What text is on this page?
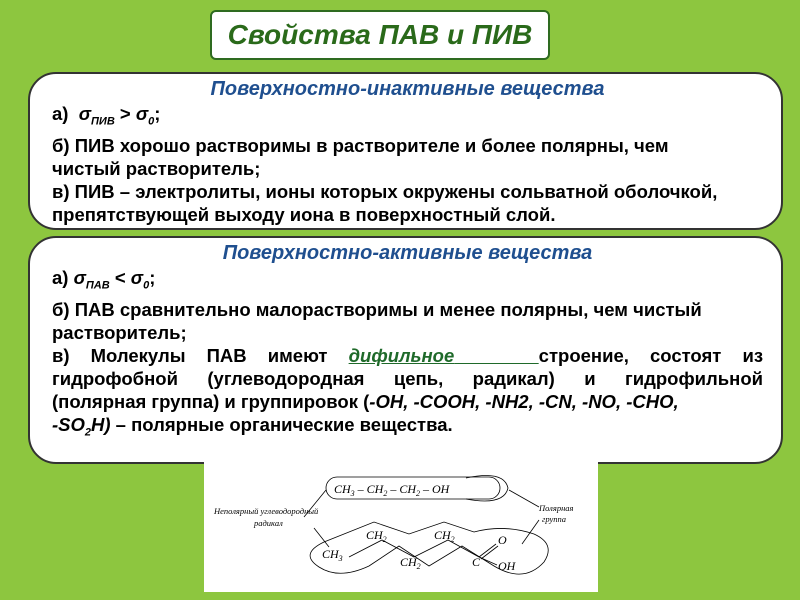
Свойства ПАВ и ПИВ
Поверхностно-инактивные вещества
а) $\sigma_{ПИВ} > \sigma_0$;
б) ПИВ хорошо растворимы в растворителе и более полярны, чем
чистый растворитель;
в) ПИВ – электролиты, ионы которых окружены сольватной оболочкой,
препятствующей выходу иона в поверхностный слой.
Поверхностно-активные вещества
а) $\sigma_{ПАВ} < \sigma_0$;
б) ПАВ сравнительно малорастворимы и менее полярны, чем чистый
растворитель;
в) Молекулы ПАВ имеют дифильное	строение, состоят из
гидрофобной (углеводородная цепь, радикал) и гидрофильной
(полярная группа) и группировок (-OH, -COOH, -NH2, -CN, -NO, -CHO,
$-SO_2H$) – полярные органические вещества.
$CH_3 - CH_2 - CH_2$ – OH
Неполярный углеводородный
радикал
Полярная
группа
$CH_3$
$CH_2$
$CH_2$
$CH_2$
C
O
OH
